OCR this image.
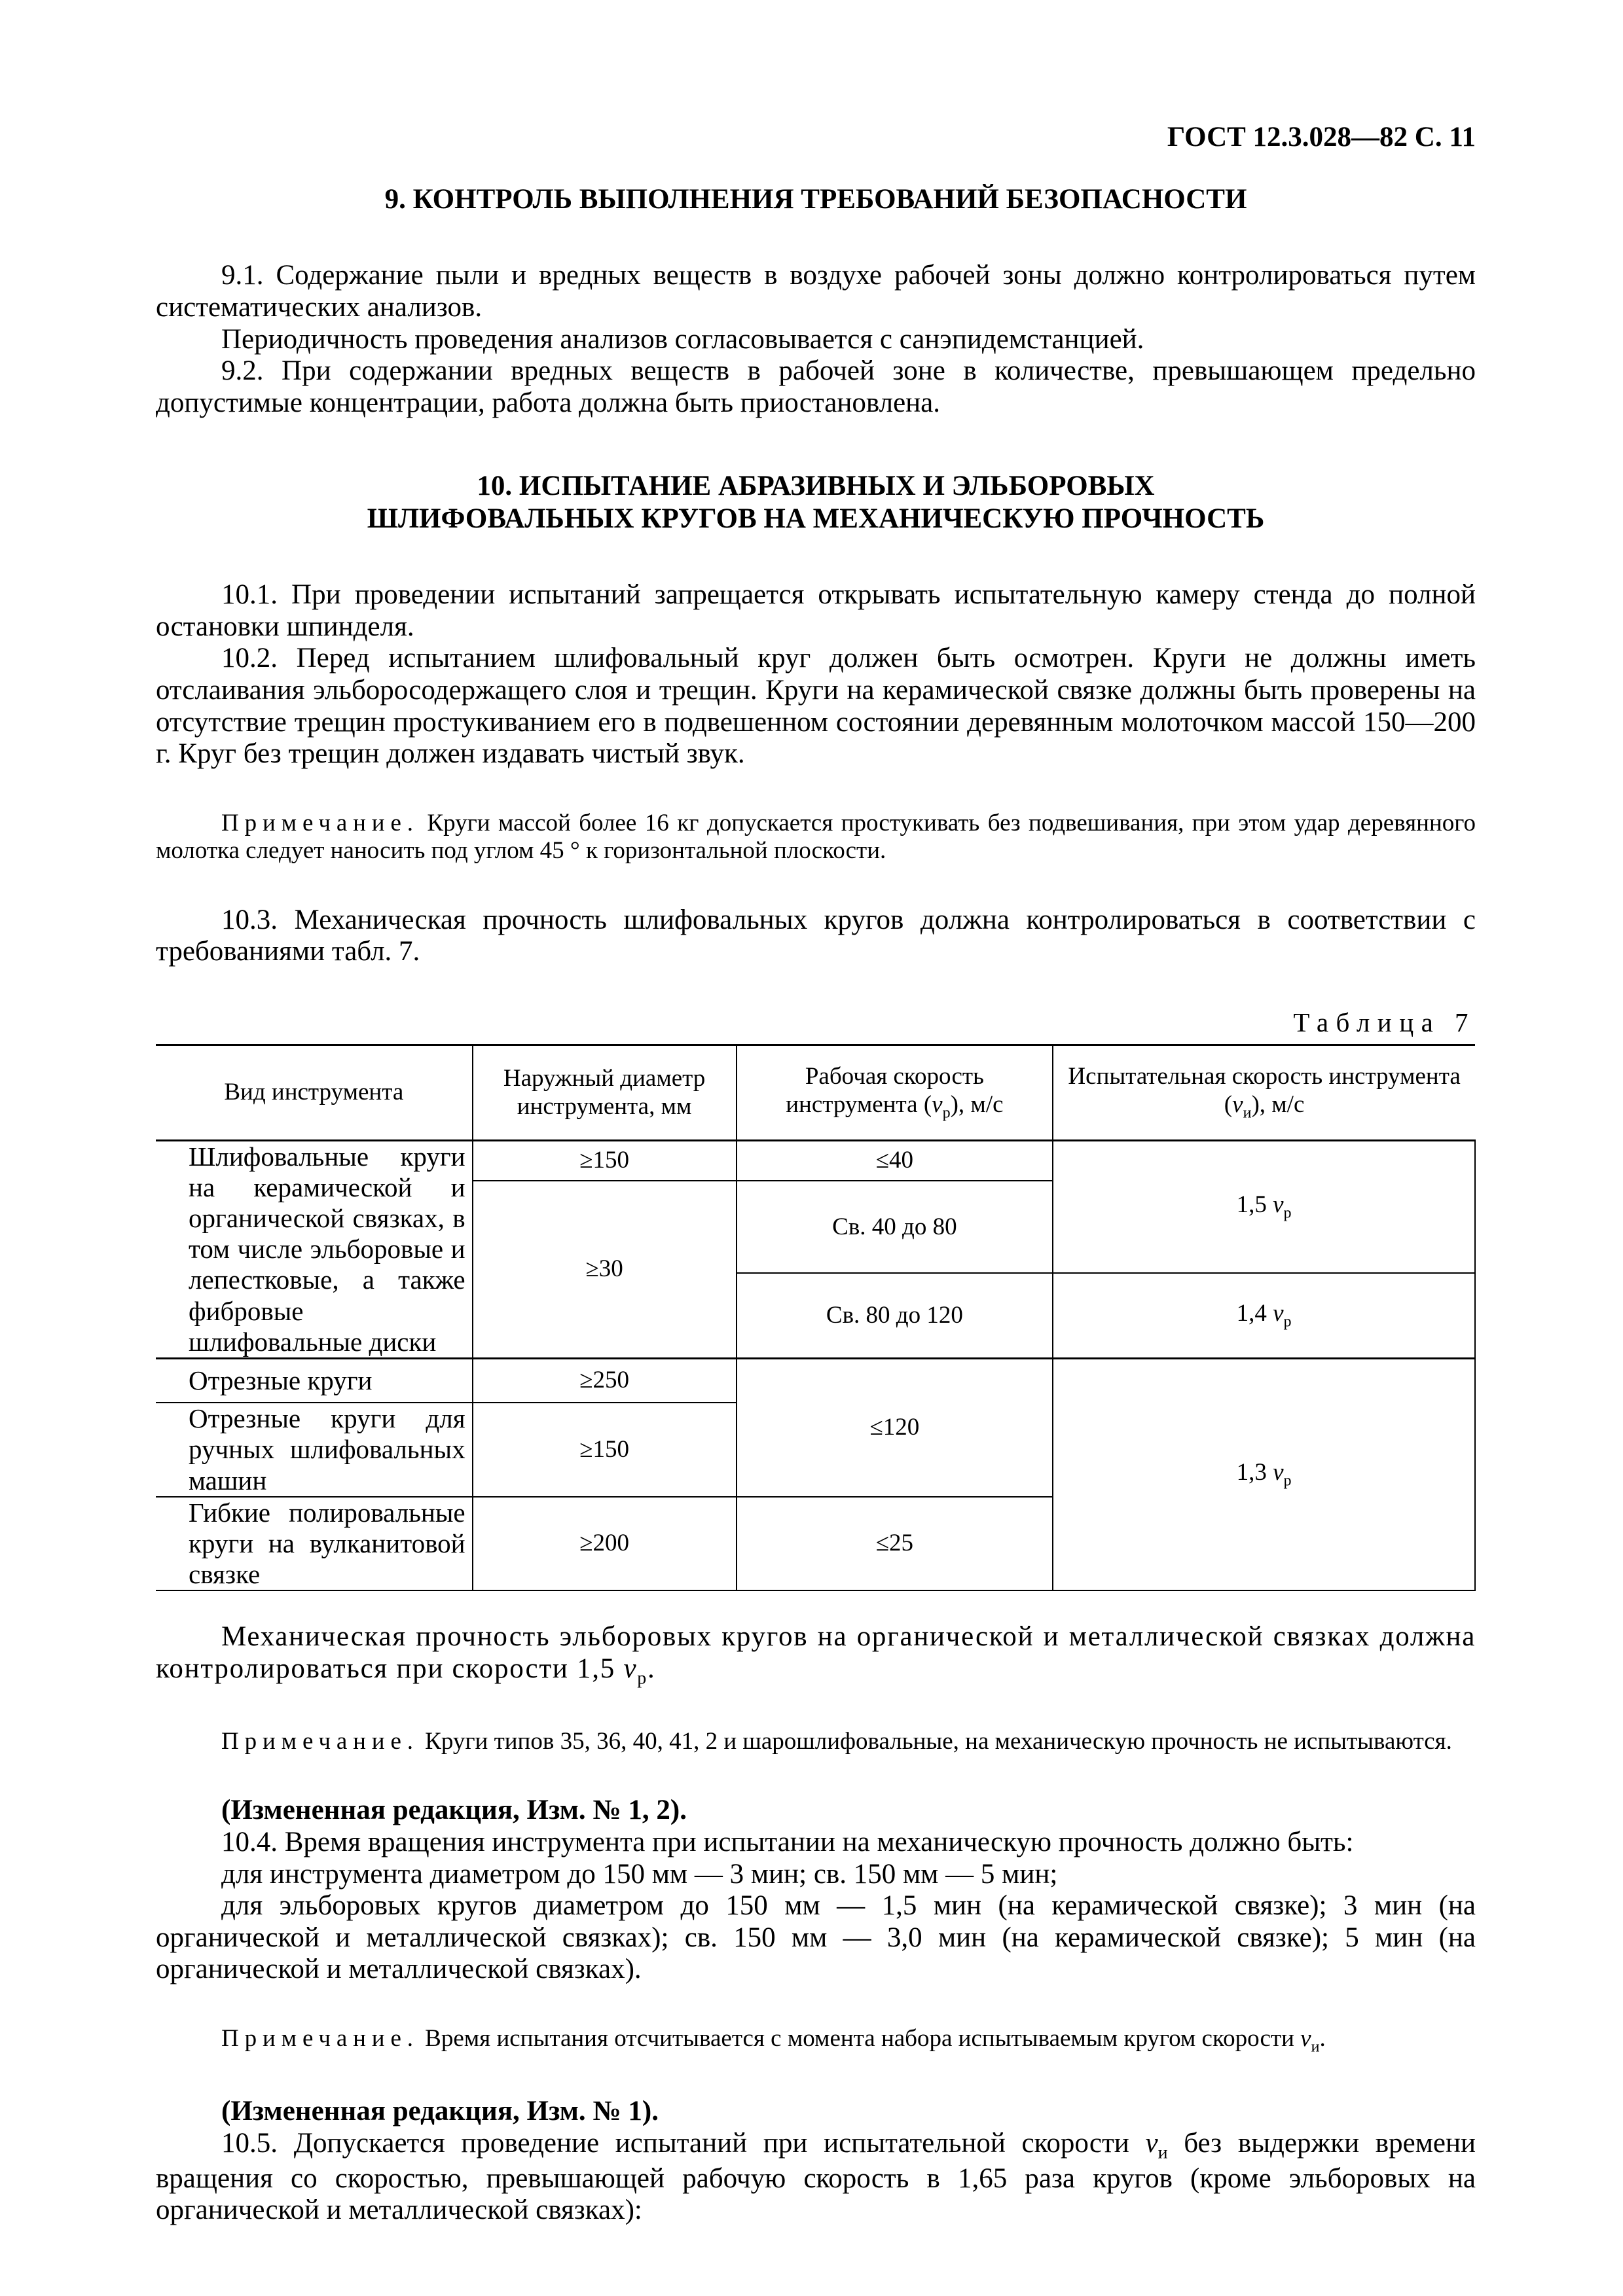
ГОСТ 12.3.028—82 С. 11
9. КОНТРОЛЬ ВЫПОЛНЕНИЯ ТРЕБОВАНИЙ БЕЗОПАСНОСТИ

9.1. Содержание пыли и вредных веществ в воздухе рабочей зоны должно контролироваться путем систематических анализов.

Периодичность проведения анализов согласовывается с санэпидемстанцией.

9.2. При содержании вредных веществ в рабочей зоне в количестве, превышающем предельно допустимые концентрации, работа должна быть приостановлена.

10. ИСПЫТАНИЕ АБРАЗИВНЫХ И ЭЛЬБОРОВЫХ
ШЛИФОВАЛЬНЫХ КРУГОВ НА МЕХАНИЧЕСКУЮ ПРОЧНОСТЬ

10.1. При проведении испытаний запрещается открывать испытательную камеру стенда до полной остановки шпинделя.

10.2. Перед испытанием шлифовальный круг должен быть осмотрен. Круги не должны иметь отслаивания эльборосодержащего слоя и трещин. Круги на керамической связке должны быть проверены на отсутствие трещин простукиванием его в подвешенном состоянии деревянным молоточком массой 150—200 г. Круг без трещин должен издавать чистый звук.

Примечание. Круги массой более 16 кг допускается простукивать без подвешивания, при этом удар деревянного молотка следует наносить под углом 45 ° к горизонтальной плоскости.

10.3. Механическая прочность шлифовальных кругов должна контролироваться в соответствии с требованиями табл. 7.

Таблица 7
Вид инструмента	Наружный диаметр инструмента, мм	Рабочая скорость инструмента $(v_р)$, м/с	Испытательная скорость инструмента $(v_и)$, м/с
Шлифовальные круги на керамической и органической связках, в том числе эльборовые и лепестковые, а также фибровые шлифовальные диски	≥150	≤40	1,5 $v_р$
	≥30	Св. 40 до 80	
		Св. 80 до 120	1,4 $v_р$
Отрезные круги	≥250	≤120	1,3 $v_р$
Отрезные круги для ручных шлифовальных машин	≥150		
Гибкие полировальные круги на вулканитовой связке	≥200	≤25	

Механическая прочность эльборовых кругов на органической и металлической связках должна контролироваться при скорости 1,5 $v_р$.

Примечание. Круги типов 35, 36, 40, 41, 2 и шарошлифовальные, на механическую прочность не испытываются.

(Измененная редакция, Изм. № 1, 2).

10.4. Время вращения инструмента при испытании на механическую прочность должно быть:

для инструмента диаметром до 150 мм — 3 мин; св. 150 мм — 5 мин;

для эльборовых кругов диаметром до 150 мм — 1,5 мин (на керамической связке); 3 мин (на органической и металлической связках); св. 150 мм — 3,0 мин (на керамической связке); 5 мин (на органической и металлической связках).

Примечание. Время испытания отсчитывается с момента набора испытываемым кругом скорости $v_и$.

(Измененная редакция, Изм. № 1).

10.5. Допускается проведение испытаний при испытательной скорости $v_и$ без выдержки времени вращения со скоростью, превышающей рабочую скорость в 1,65 раза кругов (кроме эльборовых на органической и металлической связках):
